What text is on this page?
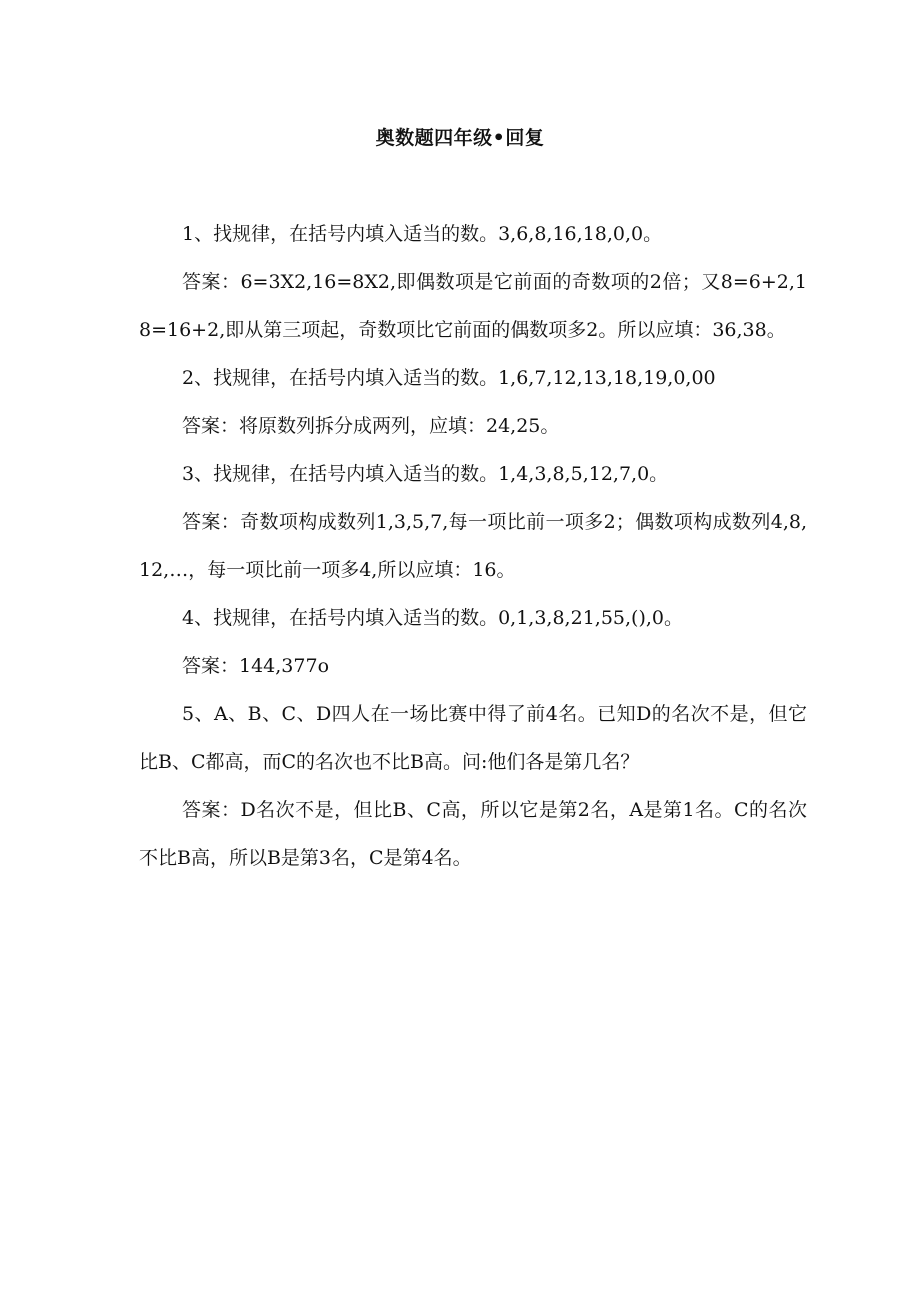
奥数题四年级•回复

1、找规律，在括号内填入适当的数。3,6,8,16,18,0,0。

答案：6=3X2,16=8X2,即偶数项是它前面的奇数项的2倍；又8=6+2,18=16+2,即从第三项起，奇数项比它前面的偶数项多2。所以应填：36,38。

2、找规律，在括号内填入适当的数。1,6,7,12,13,18,19,0,00

答案：将原数列拆分成两列，应填：24,25。

3、找规律，在括号内填入适当的数。1,4,3,8,5,12,7,0。

答案：奇数项构成数列1,3,5,7,每一项比前一项多2；偶数项构成数列4,8,12,…，每一项比前一项多4,所以应填：16。

4、找规律，在括号内填入适当的数。0,1,3,8,21,55,(),0。

答案：144,377o

5、A、B、C、D四人在一场比赛中得了前4名。已知D的名次不是，但它比B、C都高，而C的名次也不比B高。问:他们各是第几名？

答案：D名次不是，但比B、C高，所以它是第2名，A是第1名。C的名次不比B高，所以B是第3名，C是第4名。
